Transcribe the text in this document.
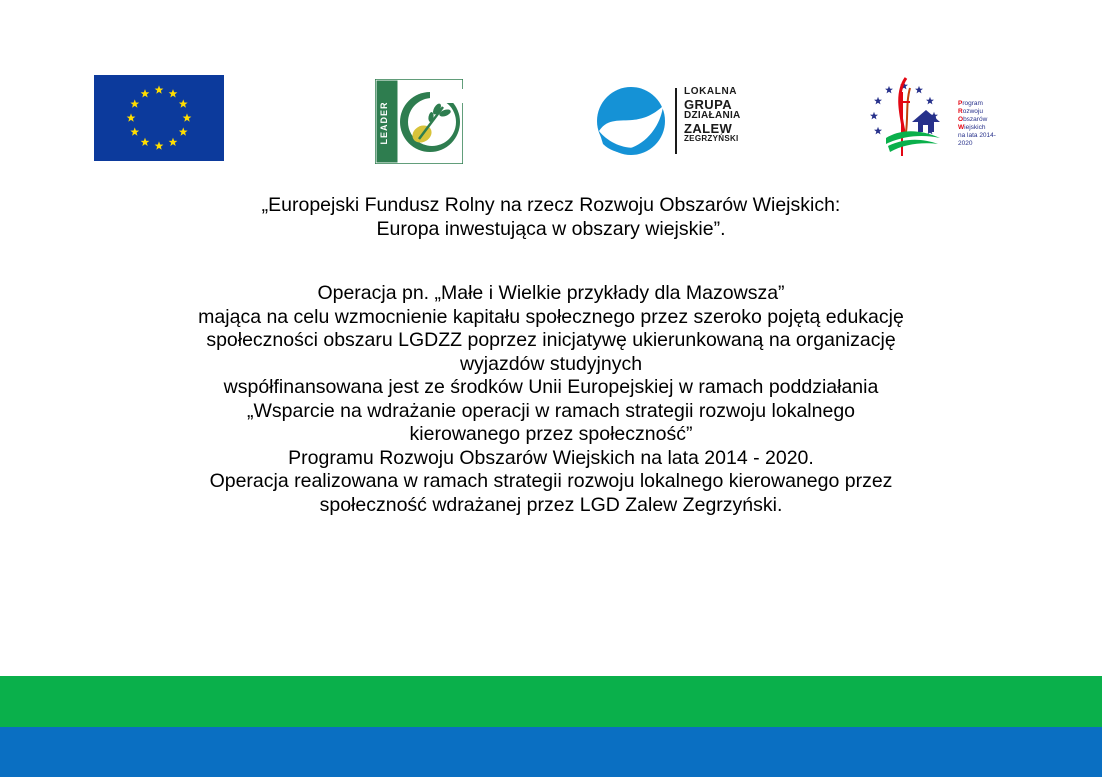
LEADER
LOKALNA
GRUPA
DZIAŁANIA
ZALEW
ZEGRZYŃSKI
Program
Rozwoju
Obszarów
Wiejskich
na lata 2014-2020

„Europejski Fundusz Rolny na rzecz Rozwoju Obszarów Wiejskich:

Europa inwestująca w obszary wiejskie”.

Operacja pn. „Małe i Wielkie przykłady dla Mazowsza”

mająca na celu wzmocnienie kapitału społecznego przez szeroko pojętą edukację

społeczności obszaru LGDZZ poprzez inicjatywę ukierunkowaną na organizację

wyjazdów studyjnych

współfinansowana jest ze środków Unii Europejskiej w ramach poddziałania

„Wsparcie na wdrażanie operacji w ramach strategii rozwoju lokalnego

kierowanego przez społeczność”

Programu Rozwoju Obszarów Wiejskich na lata 2014 - 2020.

Operacja realizowana w ramach strategii rozwoju lokalnego kierowanego przez

społeczność wdrażanej przez LGD Zalew Zegrzyński.
